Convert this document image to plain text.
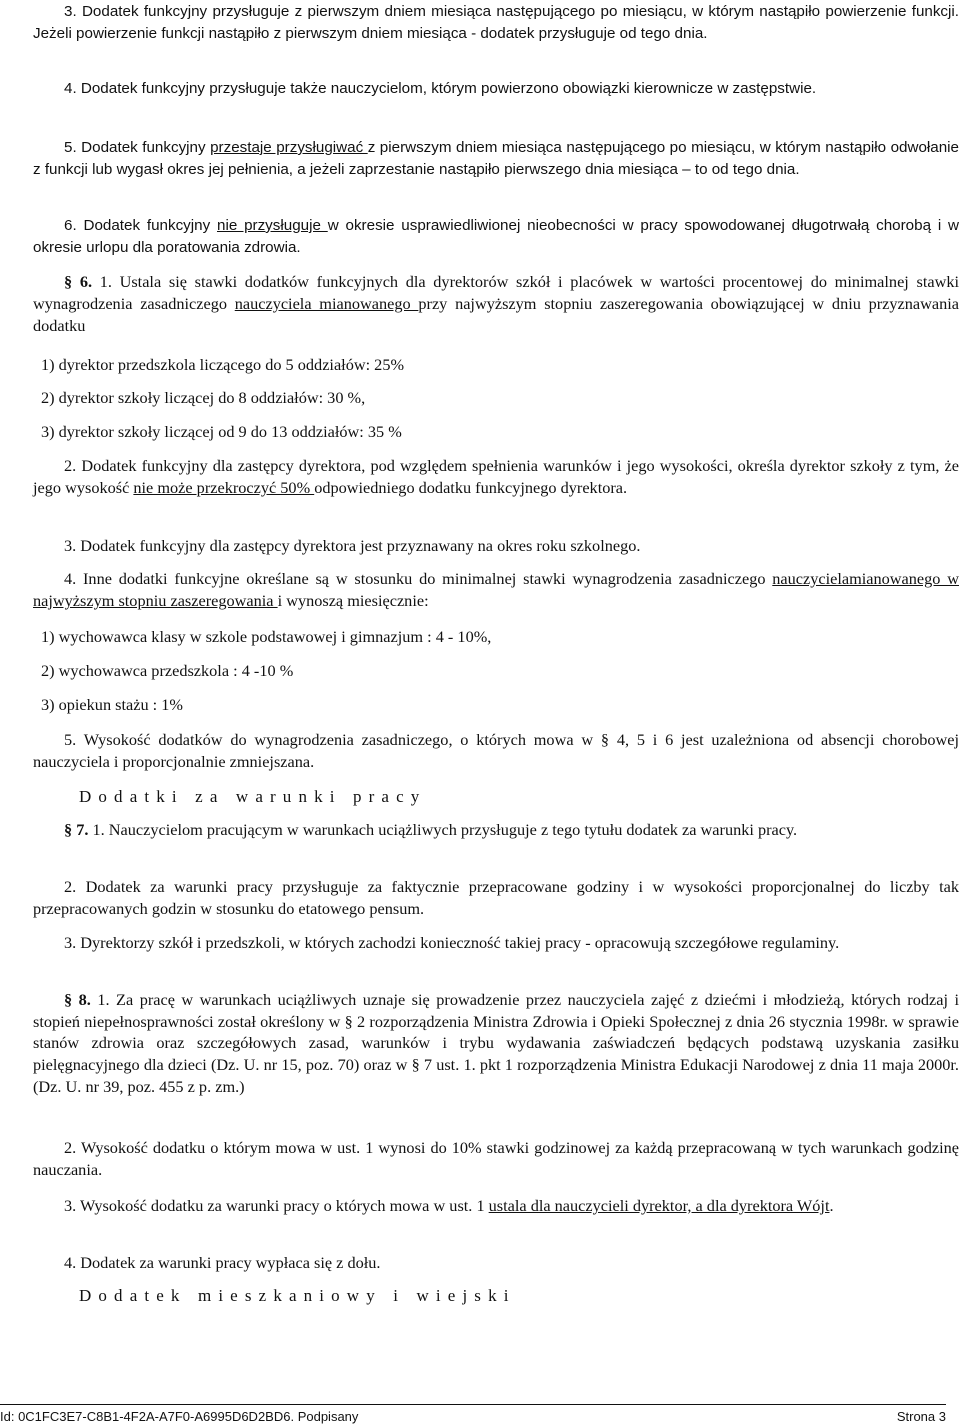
3. Dodatek funkcyjny przysługuje z pierwszym dniem miesiąca następującego po miesiącu, w którym nastąpiło powierzenie funkcji. Jeżeli powierzenie funkcji nastąpiło z pierwszym dniem miesiąca - dodatek przysługuje od tego dnia.

4. Dodatek funkcyjny przysługuje także nauczycielom, którym powierzono obowiązki kierownicze w zastępstwie.

5. Dodatek funkcyjny przestaje przysługiwać z pierwszym dniem miesiąca następującego po miesiącu, w którym nastąpiło odwołanie z funkcji lub wygasł okres jej pełnienia, a jeżeli zaprzestanie nastąpiło pierwszego dnia miesiąca – to od tego dnia.

6. Dodatek funkcyjny nie przysługuje w okresie usprawiedliwionej nieobecności w pracy spowodowanej długotrwałą chorobą i w okresie urlopu dla poratowania zdrowia.

§ 6. 1. Ustala się stawki dodatków funkcyjnych dla dyrektorów szkół i placówek w wartości procentowej do minimalnej stawki wynagrodzenia zasadniczego nauczyciela mianowanego przy najwyższym stopniu zaszeregowania obowiązującej w dniu przyznawania dodatku

1) dyrektor przedszkola liczącego do 5 oddziałów: 25%

2) dyrektor szkoły liczącej do 8 oddziałów: 30 %,

3) dyrektor szkoły liczącej od 9 do 13 oddziałów: 35 %

2. Dodatek funkcyjny dla zastępcy dyrektora, pod względem spełnienia warunków i jego wysokości, określa dyrektor szkoły z tym, że jego wysokość nie może przekroczyć 50% odpowiedniego dodatku funkcyjnego dyrektora.

3. Dodatek funkcyjny dla zastępcy dyrektora jest przyznawany na okres roku szkolnego.

4. Inne dodatki funkcyjne określane są w stosunku do minimalnej stawki wynagrodzenia zasadniczego nauczycielamianowanego w najwyższym stopniu zaszeregowania i wynoszą miesięcznie:

1) wychowawca klasy w szkole podstawowej i gimnazjum : 4 - 10%,

2) wychowawca przedszkola : 4 -10 %

3) opiekun stażu : 1%

5. Wysokość dodatków do wynagrodzenia zasadniczego, o których mowa w § 4, 5 i 6 jest uzależniona od absencji chorobowej nauczyciela i proporcjonalnie zmniejszana.

Dodatki za warunki pracy

§ 7. 1. Nauczycielom pracującym w warunkach uciążliwych przysługuje z tego tytułu dodatek za warunki pracy.

2. Dodatek za warunki pracy przysługuje za faktycznie przepracowane godziny i w wysokości proporcjonalnej do liczby tak przepracowanych godzin w stosunku do etatowego pensum.

3. Dyrektorzy szkół i przedszkoli, w których zachodzi konieczność takiej pracy - opracowują szczegółowe regulaminy.

§ 8. 1. Za pracę w warunkach uciążliwych uznaje się prowadzenie przez nauczyciela zajęć z dziećmi i młodzieżą, których rodzaj i stopień niepełnosprawności został określony w § 2 rozporządzenia Ministra Zdrowia i Opieki Społecznej z dnia 26 stycznia 1998r. w sprawie stanów zdrowia oraz szczegółowych zasad, warunków i trybu wydawania zaświadczeń będących podstawą uzyskania zasiłku pielęgnacyjnego dla dzieci (Dz. U. nr 15, poz. 70) oraz w § 7 ust. 1. pkt 1 rozporządzenia Ministra Edukacji Narodowej z dnia 11 maja 2000r. (Dz. U. nr 39, poz. 455 z p. zm.)

2. Wysokość dodatku o którym mowa w ust. 1 wynosi do 10% stawki godzinowej za każdą przepracowaną w tych warunkach godzinę nauczania.

3. Wysokość dodatku za warunki pracy o których mowa w ust. 1 ustala dla nauczycieli dyrektor, a dla dyrektora Wójt.

4. Dodatek za warunki pracy wypłaca się z dołu.

Dodatek mieszkaniowy i wiejski

Id: 0C1FC3E7-C8B1-4F2A-A7F0-A6995D6D2BD6. Podpisany	Strona 3
